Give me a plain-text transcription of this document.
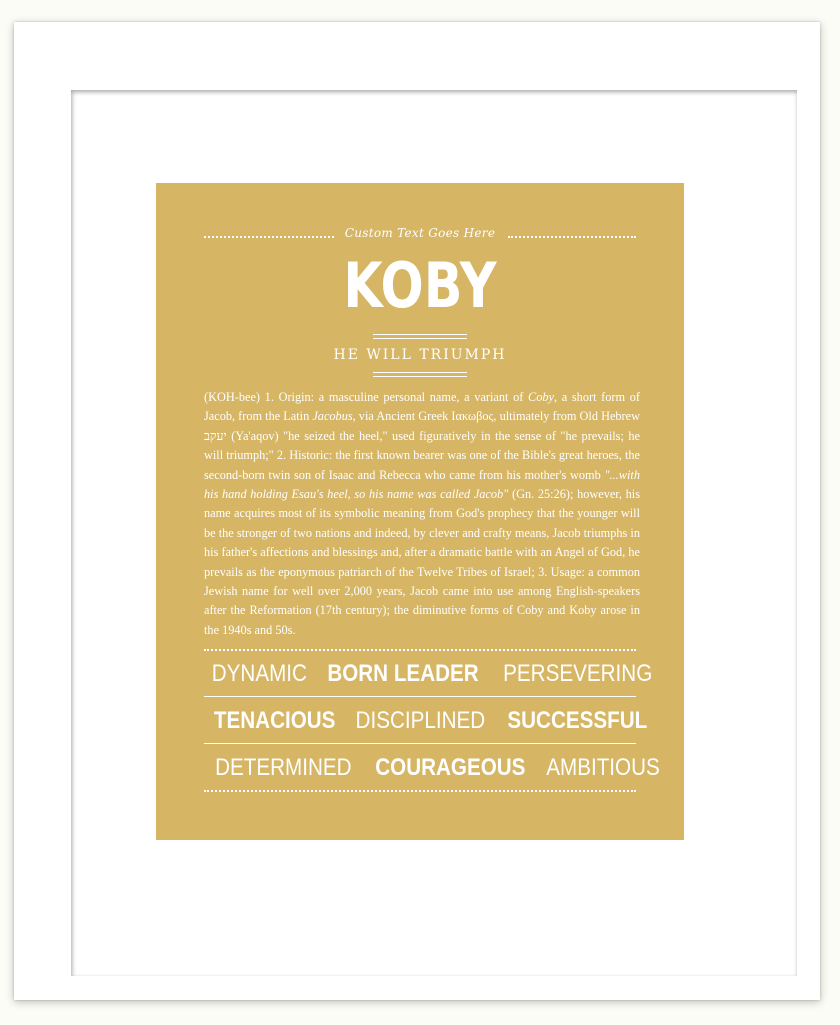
Custom Text Goes Here
KOBY
HE WILL TRIUMPH
(KOH-bee) 1. Origin: a masculine personal name, a variant of Coby, a short form of Jacob, from the Latin Jacobus, via Ancient Greek Ιακωβος, ultimately from Old Hebrew יעקב (Ya'aqov) "he seized the heel," used figuratively in the sense of "he prevails; he will triumph;" 2. Historic: the first known bearer was one of the Bible's great heroes, the second-born twin son of Isaac and Rebecca who came from his mother's womb "...with his hand holding Esau's heel, so his name was called Jacob" (Gn. 25:26); however, his name acquires most of its symbolic meaning from God's prophecy that the younger will be the stronger of two nations and indeed, by clever and crafty means, Jacob triumphs in his father's affections and blessings and, after a dramatic battle with an Angel of God, he prevails as the eponymous patriarch of the Twelve Tribes of Israel; 3. Usage: a common Jewish name for well over 2,000 years, Jacob came into use among English-speakers after the Reformation (17th century); the diminutive forms of Coby and Koby arose in the 1940s and 50s.
DYNAMIC BORN LEADER PERSEVERING
TENACIOUS DISCIPLINED SUCCESSFUL
DETERMINED COURAGEOUS AMBITIOUS
